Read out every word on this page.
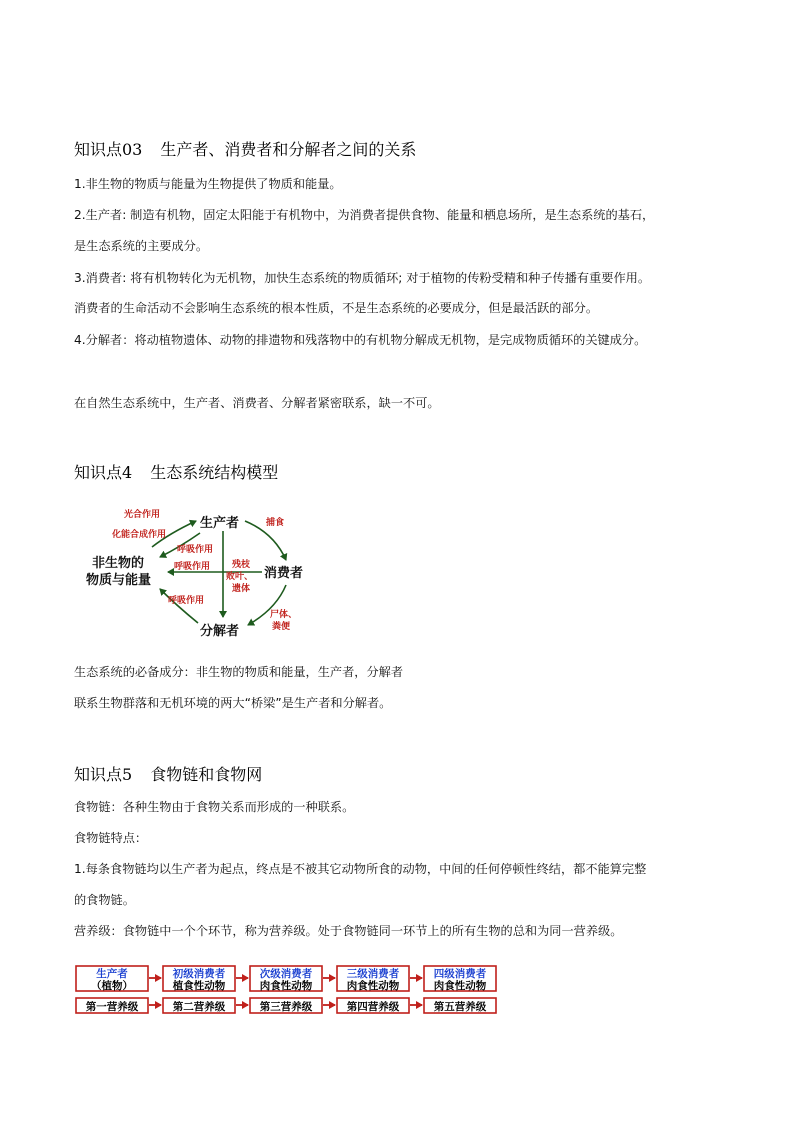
知识点03 生产者、消费者和分解者之间的关系

1.非生物的物质与能量为生物提供了物质和能量。

2.生产者: 制造有机物，固定太阳能于有机物中，为消费者提供食物、能量和栖息场所，是生态系统的基石，

是生态系统的主要成分。

3.消费者: 将有机物转化为无机物，加快生态系统的物质循环; 对于植物的传粉受精和种子传播有重要作用。

消费者的生命活动不会影响生态系统的根本性质，不是生态系统的必要成分，但是最活跃的部分。

4.分解者：将动植物遗体、动物的排遗物和残落物中的有机物分解成无机物，是完成物质循环的关键成分。

在自然生态系统中，生产者、消费者、分解者紧密联系，缺一不可。

知识点4 生态系统结构模型
生产者
消费者
分解者
非生物的
物质与能量
光合作用
化能合成作用
呼吸作用
呼吸作用
呼吸作用
捕食
残枝
败叶、
遗体
尸体、
粪便

生态系统的必备成分：非生物的物质和能量，生产者，分解者

联系生物群落和无机环境的两大“桥梁”是生产者和分解者。

知识点5 食物链和食物网

食物链：各种生物由于食物关系而形成的一种联系。

食物链特点：

1.每条食物链均以生产者为起点，终点是不被其它动物所食的动物，中间的任何停顿性终结，都不能算完整

的食物链。

营养级：食物链中一个个环节，称为营养级。处于食物链同一环节上的所有生物的总和为同一营养级。

生产者
（植物）
第一营养级
初级消费者
植食性动物
第二营养级
次级消费者
肉食性动物
第三营养级
三级消费者
肉食性动物
第四营养级
四级消费者
肉食性动物
第五营养级
